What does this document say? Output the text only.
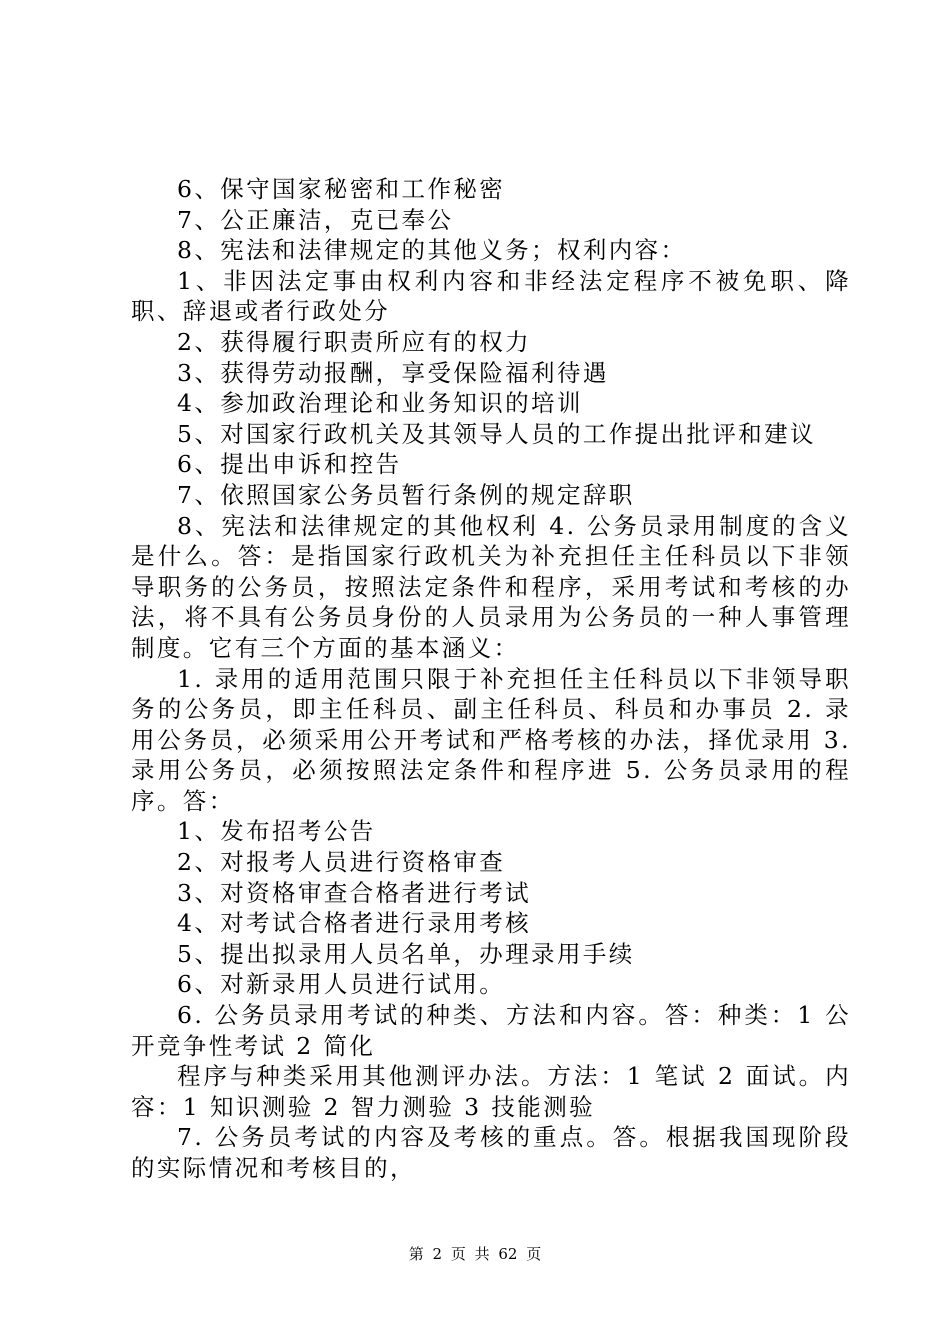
6、保守国家秘密和工作秘密

7、公正廉洁，克已奉公

8、宪法和法律规定的其他义务；权利内容：

1、非因法定事由权利内容和非经法定程序不被免职、降职、辞退或者行政处分

2、获得履行职责所应有的权力

3、获得劳动报酬，享受保险福利待遇

4、参加政治理论和业务知识的培训

5、对国家行政机关及其领导人员的工作提出批评和建议

6、提出申诉和控告

7、依照国家公务员暂行条例的规定辞职

8、宪法和法律规定的其他权利 4. 公务员录用制度的含义是什么。答：是指国家行政机关为补充担任主任科员以下非领导职务的公务员，按照法定条件和程序，采用考试和考核的办法，将不具有公务员身份的人员录用为公务员的一种人事管理制度。它有三个方面的基本涵义：

1. 录用的适用范围只限于补充担任主任科员以下非领导职务的公务员，即主任科员、副主任科员、科员和办事员 2. 录用公务员，必须采用公开考试和严格考核的办法，择优录用 3. 录用公务员，必须按照法定条件和程序进 5. 公务员录用的程序。答：

1、发布招考公告

2、对报考人员进行资格审查

3、对资格审查合格者进行考试

4、对考试合格者进行录用考核

5、提出拟录用人员名单，办理录用手续

6、对新录用人员进行试用。

6. 公务员录用考试的种类、方法和内容。答：种类：1 公开竞争性考试 2 简化

程序与种类采用其他测评办法。方法：1 笔试 2 面试。内容：1 知识测验 2 智力测验 3 技能测验

7. 公务员考试的内容及考核的重点。答。根据我国现阶段的实际情况和考核目的，

第 2 页 共 62 页
